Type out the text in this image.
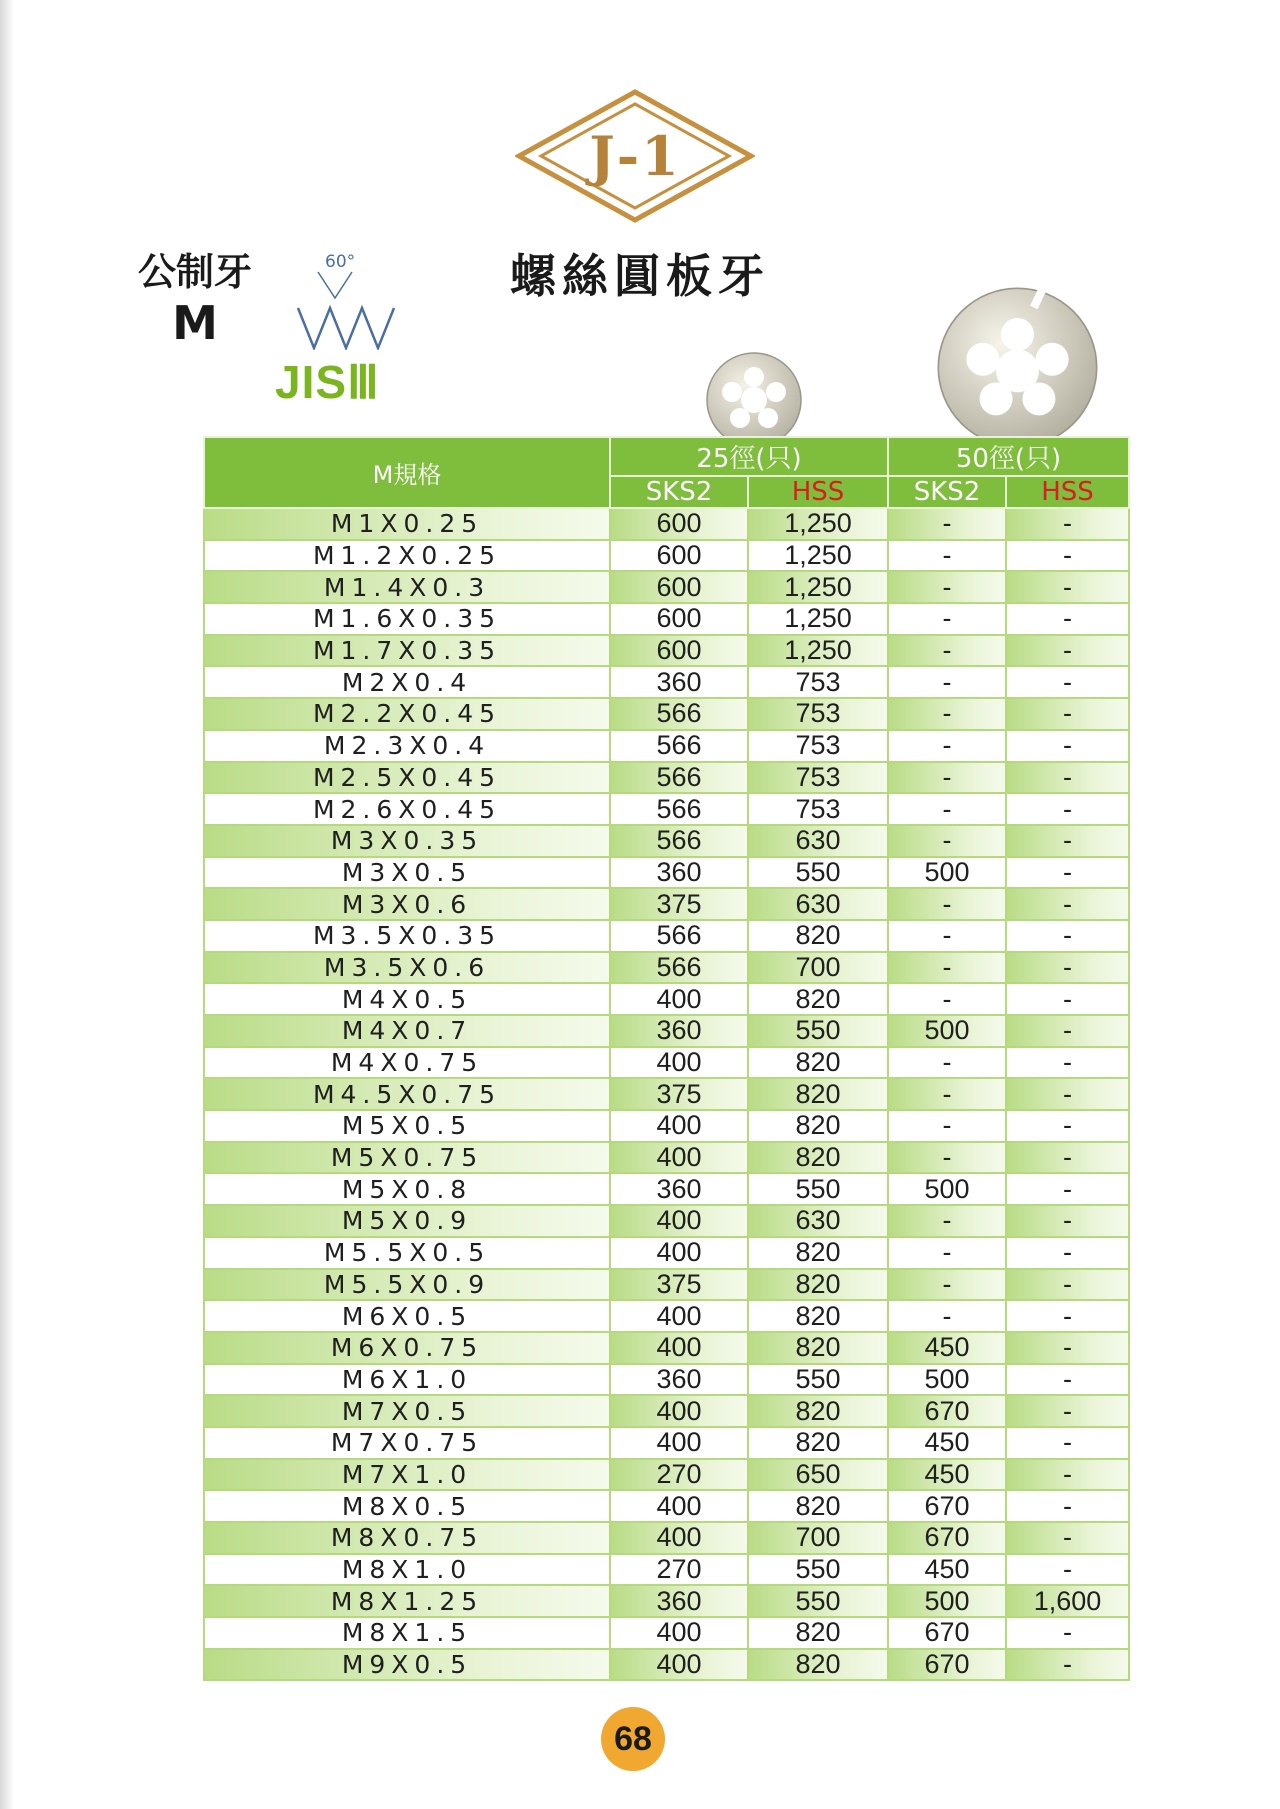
J-1
螺絲圓板牙
公制牙
M
60°
JISⅢ
M規格	25徑(只)		50徑(只)	
	SKS2	HSS	SKS2	HSS
M1X0.25	600	1,250	-	-
M1.2X0.25	600	1,250	-	-
M1.4X0.3	600	1,250	-	-
M1.6X0.35	600	1,250	-	-
M1.7X0.35	600	1,250	-	-
M2X0.4	360	753	-	-
M2.2X0.45	566	753	-	-
M2.3X0.4	566	753	-	-
M2.5X0.45	566	753	-	-
M2.6X0.45	566	753	-	-
M3X0.35	566	630	-	-
M3X0.5	360	550	500	-
M3X0.6	375	630	-	-
M3.5X0.35	566	820	-	-
M3.5X0.6	566	700	-	-
M4X0.5	400	820	-	-
M4X0.7	360	550	500	-
M4X0.75	400	820	-	-
M4.5X0.75	375	820	-	-
M5X0.5	400	820	-	-
M5X0.75	400	820	-	-
M5X0.8	360	550	500	-
M5X0.9	400	630	-	-
M5.5X0.5	400	820	-	-
M5.5X0.9	375	820	-	-
M6X0.5	400	820	-	-
M6X0.75	400	820	450	-
M6X1.0	360	550	500	-
M7X0.5	400	820	670	-
M7X0.75	400	820	450	-
M7X1.0	270	650	450	-
M8X0.5	400	820	670	-
M8X0.75	400	700	670	-
M8X1.0	270	550	450	-
M8X1.25	360	550	500	1,600
M8X1.5	400	820	670	-
M9X0.5	400	820	670	-
68
